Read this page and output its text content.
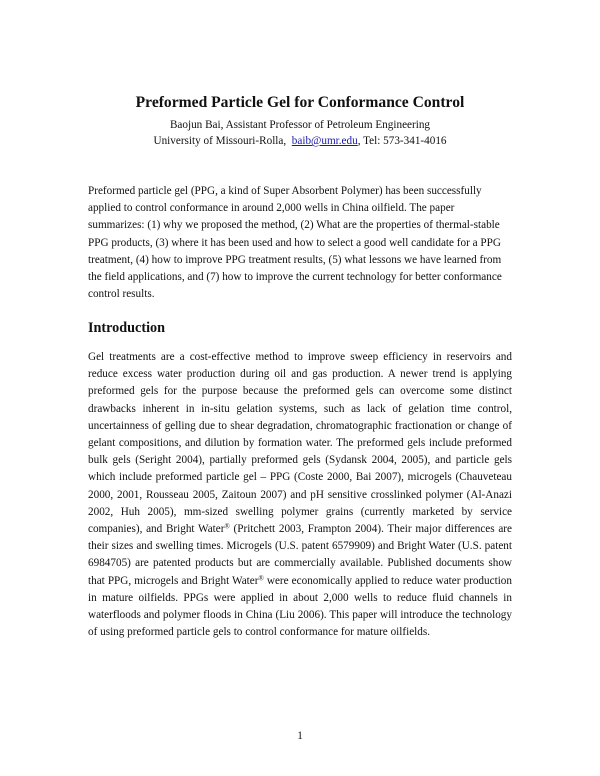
Preformed Particle Gel for Conformance Control
Baojun Bai, Assistant Professor of Petroleum Engineering
University of Missouri-Rolla, baib@umr.edu, Tel: 573-341-4016

Preformed particle gel (PPG, a kind of Super Absorbent Polymer) has been successfully applied to control conformance in around 2,000 wells in China oilfield. The paper summarizes: (1) why we proposed the method, (2) What are the properties of thermal-stable PPG products, (3) where it has been used and how to select a good well candidate for a PPG treatment, (4) how to improve PPG treatment results, (5) what lessons we have learned from the field applications, and (7) how to improve the current technology for better conformance control results.

Introduction

Gel treatments are a cost-effective method to improve sweep efficiency in reservoirs and reduce excess water production during oil and gas production. A newer trend is applying preformed gels for the purpose because the preformed gels can overcome some distinct drawbacks inherent in in-situ gelation systems, such as lack of gelation time control, uncertainness of gelling due to shear degradation, chromatographic fractionation or change of gelant compositions, and dilution by formation water. The preformed gels include preformed bulk gels (Seright 2004), partially preformed gels (Sydansk 2004, 2005), and particle gels which include preformed particle gel – PPG (Coste 2000, Bai 2007), microgels (Chauveteau 2000, 2001, Rousseau 2005, Zaitoun 2007) and pH sensitive crosslinked polymer (Al-Anazi 2002, Huh 2005), mm-sized swelling polymer grains (currently marketed by service companies), and Bright Water® (Pritchett 2003, Frampton 2004). Their major differences are their sizes and swelling times. Microgels (U.S. patent 6579909) and Bright Water (U.S. patent 6984705) are patented products but are commercially available. Published documents show that PPG, microgels and Bright Water® were economically applied to reduce water production in mature oilfields. PPGs were applied in about 2,000 wells to reduce fluid channels in waterfloods and polymer floods in China (Liu 2006). This paper will introduce the technology of using preformed particle gels to control conformance for mature oilfields.

1
